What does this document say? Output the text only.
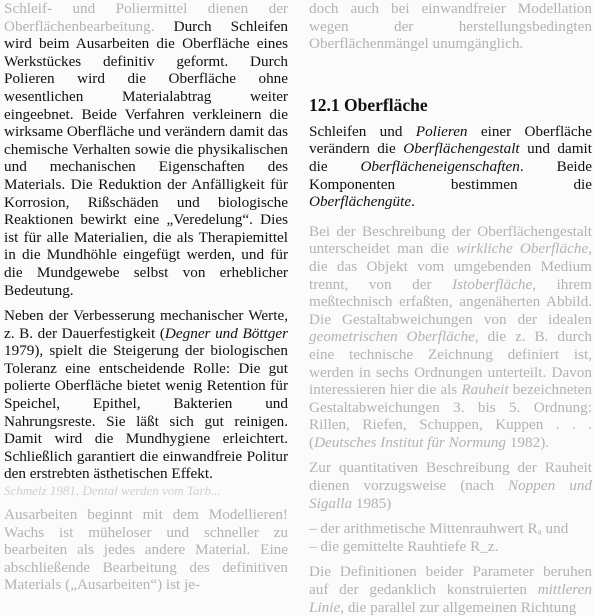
Schleif- und Poliermittel dienen der Oberflächenbearbeitung. Durch Schleifen wird beim Ausarbeiten die Oberfläche eines Werkstückes definitiv geformt. Durch Polieren wird die Oberfläche ohne wesentlichen Materialabtrag weiter eingeebnet. Beide Verfahren verkleinern die wirksame Oberfläche und verändern damit das chemische Verhalten sowie die physikalischen und mechanischen Eigenschaften des Materials. Die Reduktion der Anfälligkeit für Korrosion, Rißschäden und biologische Reaktionen bewirkt eine „Veredelung“. Dies ist für alle Materialien, die als Therapiemittel in die Mundhöhle eingefügt werden, und für die Mundgewebe selbst von erheblicher Bedeutung.

Neben der Verbesserung mechanischer Werte, z. B. der Dauerfestigkeit (Degner und Böttger 1979), spielt die Steigerung der biologischen Toleranz eine entscheidende Rolle: Die gut polierte Oberfläche bietet wenig Retention für Speichel, Epithel, Bakterien und Nahrungsreste. Sie läßt sich gut reinigen. Damit wird die Mundhygiene erleichtert. Schließlich garantiert die einwandfreie Politur den erstrebten ästhetischen Effekt.

Schmelz 1981, Dental werden vom Tarb...

Ausarbeiten beginnt mit dem Modellieren! Wachs ist müheloser und schneller zu bearbeiten als jedes andere Material. Eine abschließende Bearbeitung des definitiven Materials („Ausarbeiten“) ist je-

doch auch bei einwandfreier Modellation wegen der herstellungsbedingten Oberflächenmängel unumgänglich.

12.1 Oberfläche

Schleifen und Polieren einer Oberfläche verändern die Oberflächengestalt und damit die Oberflächeneigenschaften. Beide Komponenten bestimmen die Oberflächengüte.

Bei der Beschreibung der Oberflächengestalt unterscheidet man die wirkliche Oberfläche, die das Objekt vom umgebenden Medium trennt, von der Istoberfläche, ihrem meßtechnisch erfaßten, angenäherten Abbild. Die Gestaltabweichungen von der idealen geometrischen Oberfläche, die z. B. durch eine technische Zeichnung definiert ist, werden in sechs Ordnungen unterteilt. Davon interessieren hier die als Rauheit bezeichneten Gestaltabweichungen 3. bis 5. Ordnung: Rillen, Riefen, Schuppen, Kuppen . . . (Deutsches Institut für Normung 1982).

Zur quantitativen Beschreibung der Rauheit dienen vorzugsweise (nach Noppen und Sigalla 1985)

– der arithmetische Mittenrauhwert Rₐ und

– die gemittelte Rauhtiefe R_z.

Die Definitionen beider Parameter beruhen auf der gedanklich konstruierten mittleren Linie, die parallel zur allgemeinen Richtung
